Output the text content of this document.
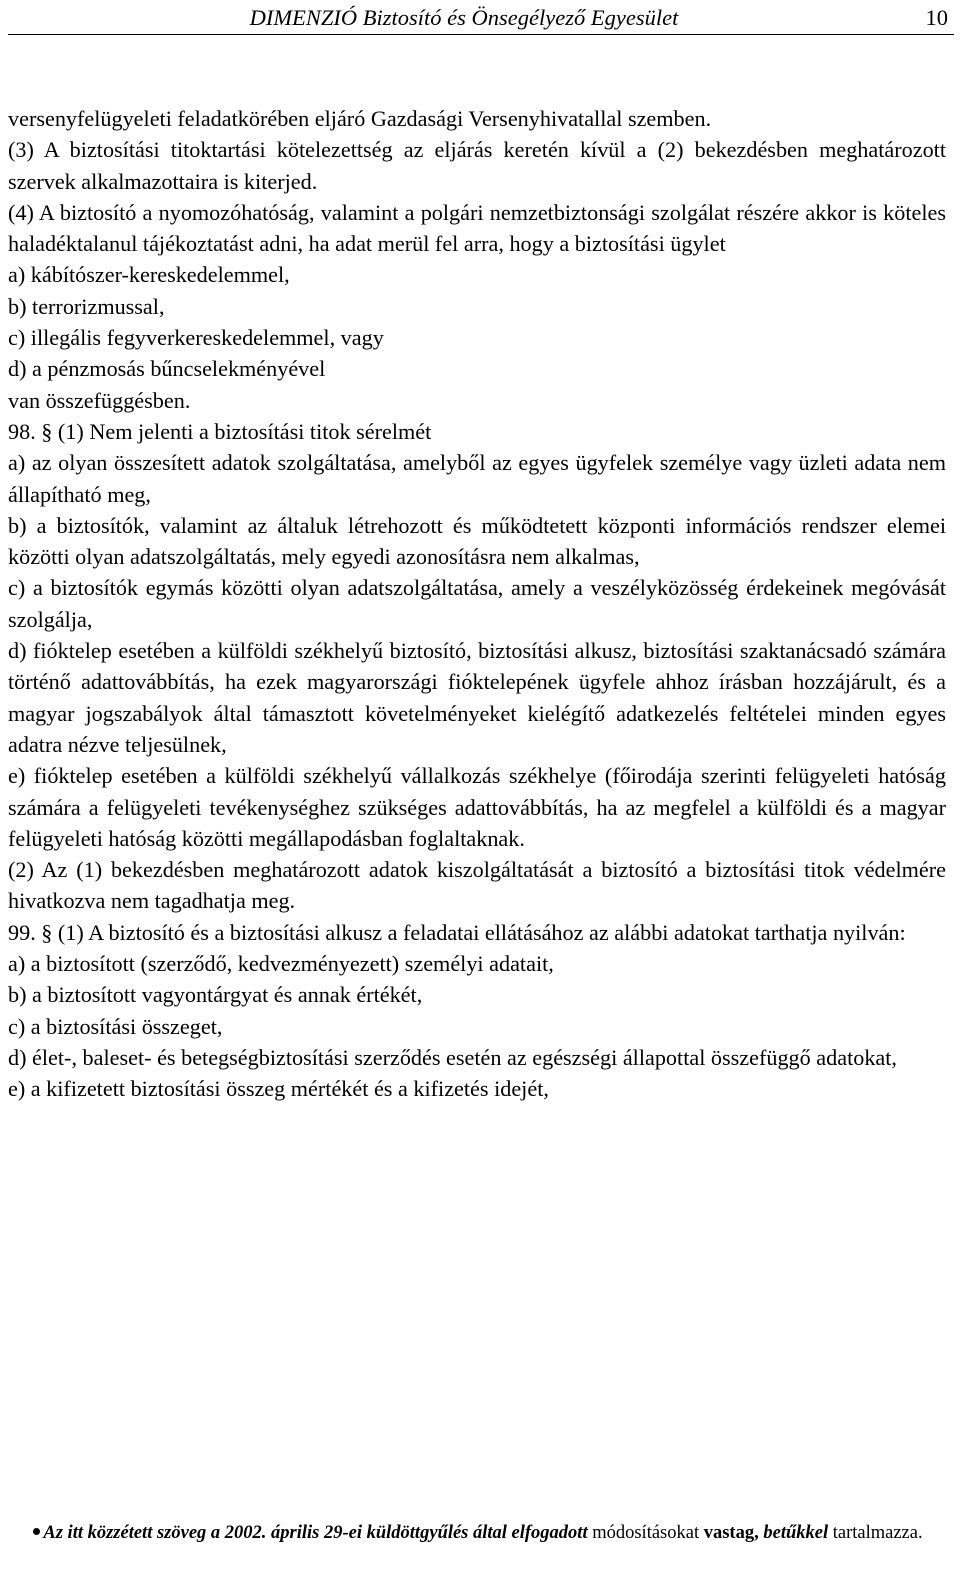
DIMENZIÓ Biztosító és Önsegélyező Egyesület	10

versenyfelügyeleti feladatkörében eljáró Gazdasági Versenyhivatallal szemben.

(3) A biztosítási titoktartási kötelezettség az eljárás keretén kívül a (2) bekezdésben meghatározott szervek alkalmazottaira is kiterjed.

(4) A biztosító a nyomozóhatóság, valamint a polgári nemzetbiztonsági szolgálat részére akkor is köteles haladéktalanul tájékoztatást adni, ha adat merül fel arra, hogy a biztosítási ügylet

a) kábítószer-kereskedelemmel,

b) terrorizmussal,

c) illegális fegyverkereskedelemmel, vagy

d) a pénzmosás bűncselekményével

van összefüggésben.

98. § (1) Nem jelenti a biztosítási titok sérelmét

a) az olyan összesített adatok szolgáltatása, amelyből az egyes ügyfelek személye vagy üzleti adata nem állapítható meg,

b) a biztosítók, valamint az általuk létrehozott és működtetett központi információs rendszer elemei közötti olyan adatszolgáltatás, mely egyedi azonosításra nem alkalmas,

c) a biztosítók egymás közötti olyan adatszolgáltatása, amely a veszélyközösség érdekeinek megóvását szolgálja,

d) fióktelep esetében a külföldi székhelyű biztosító, biztosítási alkusz, biztosítási szaktanácsadó számára történő adattovábbítás, ha ezek magyarországi fióktelepének ügyfele ahhoz írásban hozzájárult, és a magyar jogszabályok által támasztott követelményeket kielégítő adatkezelés feltételei minden egyes adatra nézve teljesülnek,

e) fióktelep esetében a külföldi székhelyű vállalkozás székhelye (főirodája szerinti felügyeleti hatóság számára a felügyeleti tevékenységhez szükséges adattovábbítás, ha az megfelel a külföldi és a magyar felügyeleti hatóság közötti megállapodásban foglaltaknak.

(2) Az (1) bekezdésben meghatározott adatok kiszolgáltatását a biztosító a biztosítási titok védelmére hivatkozva nem tagadhatja meg.

99. § (1) A biztosító és a biztosítási alkusz a feladatai ellátásához az alábbi adatokat tarthatja nyilván:

a) a biztosított (szerződő, kedvezményezett) személyi adatait,

b) a biztosított vagyontárgyat és annak értékét,

c) a biztosítási összeget,

d) élet-, baleset- és betegségbiztosítási szerződés esetén az egészségi állapottal összefüggő adatokat,

e) a kifizetett biztosítási összeg mértékét és a kifizetés idejét,

Az itt közzétett szöveg a 2002. április 29-ei küldöttgyűlés által elfogadott módosításokat vastag, betűkkel tartalmazza.
